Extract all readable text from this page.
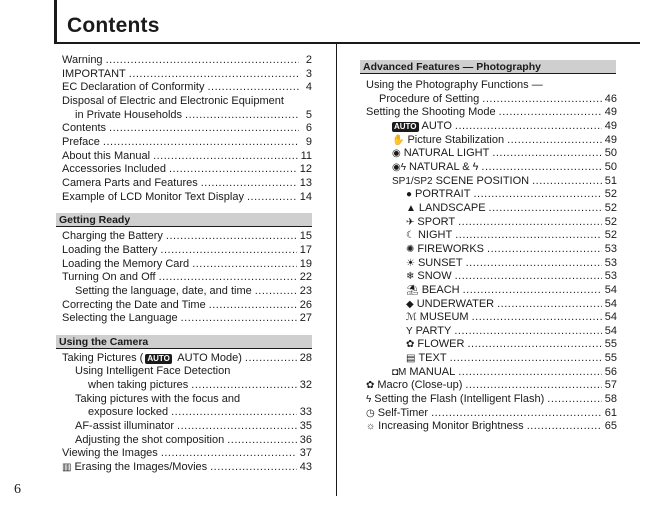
Contents
6
Warning .....	2
IMPORTANT .....	3
EC Declaration of Conformity .....	4
Disposal of Electric and Electronic Equipment
in Private Households .....	5
Contents .....	6
Preface .....	9
About this Manual .....	11
Accessories Included .....	12
Camera Parts and Features .....	13
Example of LCD Monitor Text Display .....	14
Getting Ready
Charging the Battery .....	15
Loading the Battery .....	17
Loading the Memory Card .....	19
Turning On and Off .....	22
Setting the language, date, and time .....	23
Correcting the Date and Time .....	26
Selecting the Language .....	27
Using the Camera
Taking Pictures ( AUTO AUTO Mode) .....	28
Using Intelligent Face Detection
when taking pictures .....	32
Taking pictures with the focus and
exposure locked .....	33
AF-assist illuminator .....	35
Adjusting the shot composition .....	36
Viewing the Images .....	37
▥ Erasing the Images/Movies .....	43
Advanced Features — Photography
Using the Photography Functions —
Procedure of Setting .....	46
Setting the Shooting Mode .....	49
AUTO AUTO .....	49
✋ Picture Stabilization .....	49
◉ NATURAL LIGHT .....	50
◉ϟ NATURAL & ϟ .....	50
SP1/SP2 SCENE POSITION .....	51
● PORTRAIT .....	52
▲ LANDSCAPE .....	52
✈ SPORT .....	52
☾ NIGHT .....	52
✺ FIREWORKS .....	53
☀ SUNSET .....	53
❄ SNOW .....	53
⛱ BEACH .....	54
◆ UNDERWATER .....	54
ℳ MUSEUM .....	54
Y PARTY .....	54
✿ FLOWER .....	55
▤ TEXT .....	55
◘M MANUAL .....	56
✿ Macro (Close-up) .....	57
ϟ Setting the Flash (Intelligent Flash) .....	58
◷ Self-Timer .....	61
☼ Increasing Monitor Brightness .....	65
